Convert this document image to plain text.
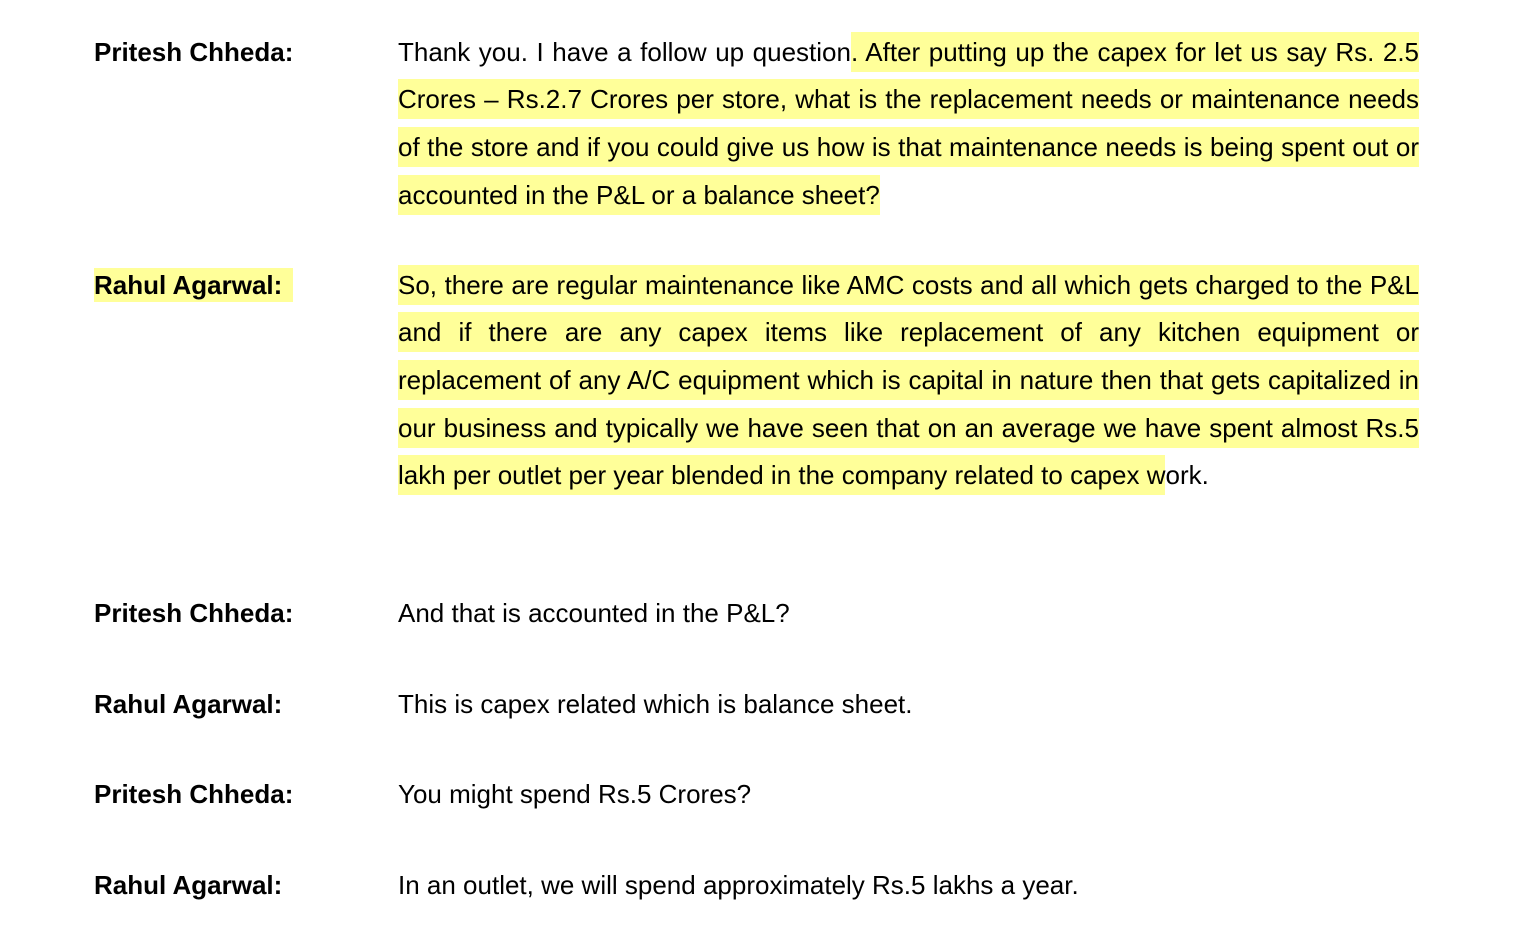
Pritesh Chheda:	Thank you. I have a follow up question. After putting up the capex for let us say Rs. 2.5 Crores – Rs.2.7 Crores per store, what is the replacement needs or maintenance needs of the store and if you could give us how is that maintenance needs is being spent out or accounted in the P&L or a balance sheet?
Rahul Agarwal:	So, there are regular maintenance like AMC costs and all which gets charged to the P&L and if there are any capex items like replacement of any kitchen equipment or replacement of any A/C equipment which is capital in nature then that gets capitalized in our business and typically we have seen that on an average we have spent almost Rs.5 lakh per outlet per year blended in the company related to capex work.
Pritesh Chheda:	And that is accounted in the P&L?
Rahul Agarwal:	This is capex related which is balance sheet.
Pritesh Chheda:	You might spend Rs.5 Crores?
Rahul Agarwal:	In an outlet, we will spend approximately Rs.5 lakhs a year.
